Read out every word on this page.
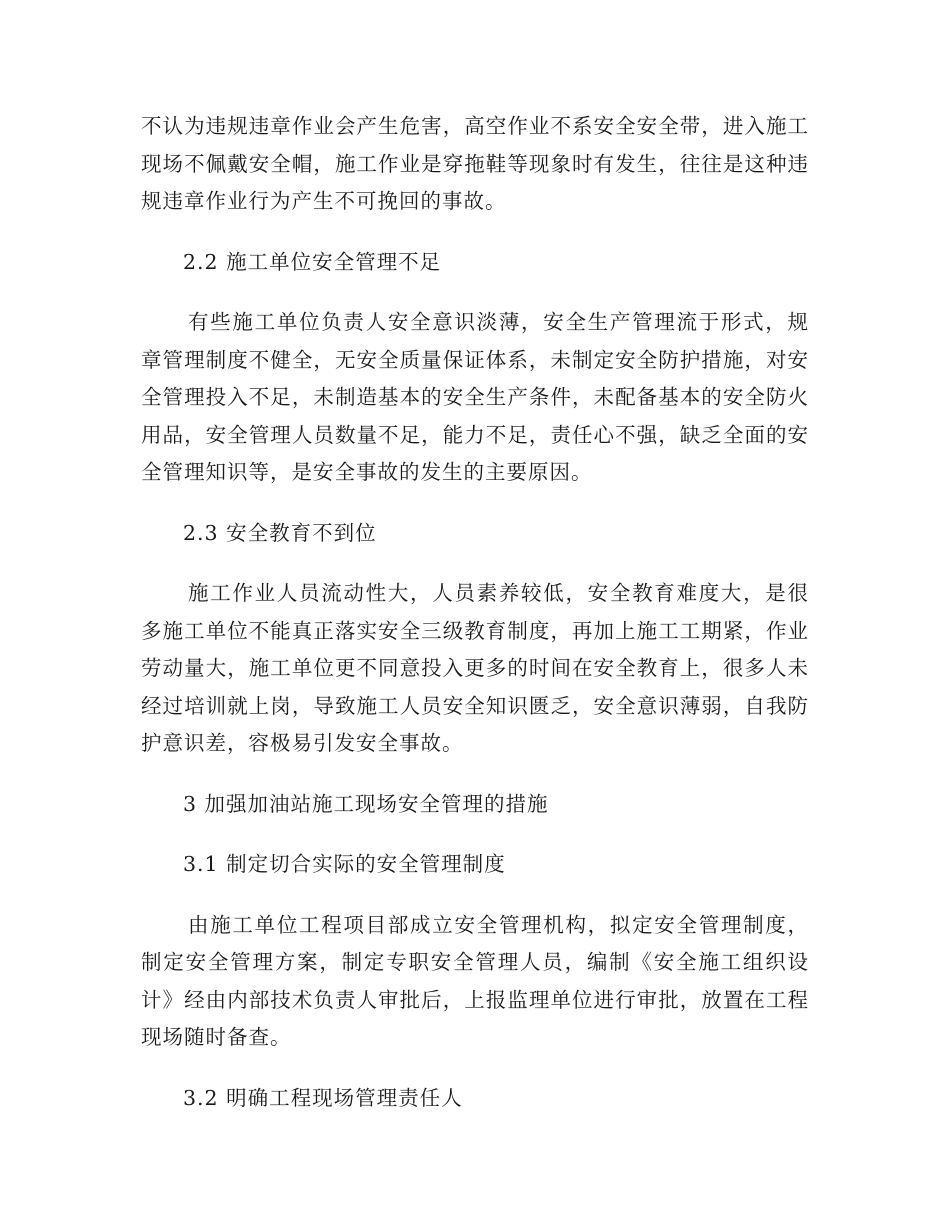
不认为违规违章作业会产生危害，高空作业不系安全安全带，进入施工现场不佩戴安全帽，施工作业是穿拖鞋等现象时有发生，往往是这种违规违章作业行为产生不可挽回的事故。

2.2 施工单位安全管理不足

有些施工单位负责人安全意识淡薄，安全生产管理流于形式，规章管理制度不健全，无安全质量保证体系，未制定安全防护措施，对安全管理投入不足，未制造基本的安全生产条件，未配备基本的安全防火用品，安全管理人员数量不足，能力不足，责任心不强，缺乏全面的安全管理知识等，是安全事故的发生的主要原因。

2.3 安全教育不到位

施工作业人员流动性大，人员素养较低，安全教育难度大，是很多施工单位不能真正落实安全三级教育制度，再加上施工工期紧，作业劳动量大，施工单位更不同意投入更多的时间在安全教育上，很多人未经过培训就上岗，导致施工人员安全知识匮乏，安全意识薄弱，自我防护意识差，容极易引发安全事故。

3 加强加油站施工现场安全管理的措施

3.1 制定切合实际的安全管理制度

由施工单位工程项目部成立安全管理机构，拟定安全管理制度，制定安全管理方案，制定专职安全管理人员，编制《安全施工组织设计》经由内部技术负责人审批后，上报监理单位进行审批，放置在工程现场随时备查。

3.2 明确工程现场管理责任人
